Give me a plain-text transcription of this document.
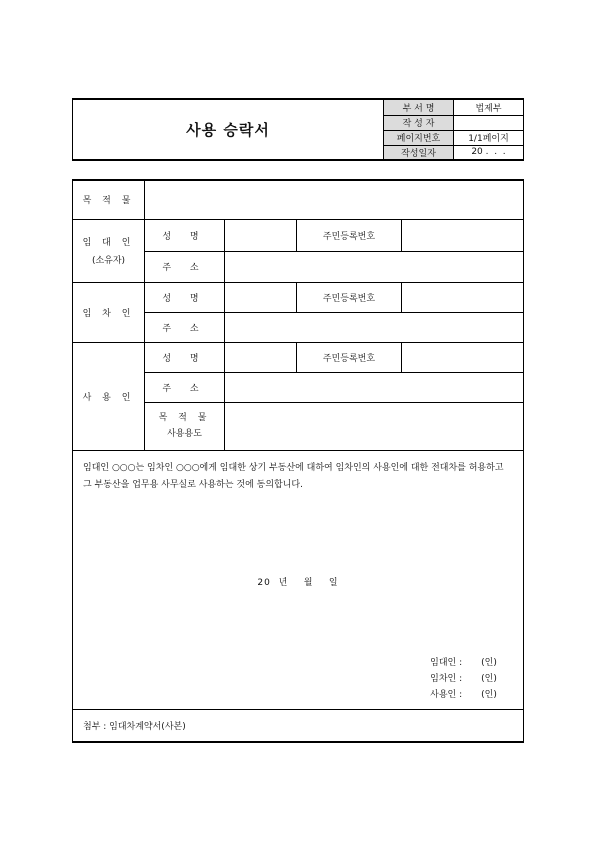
사용 승락서	부 서 명	법제부
	작 성 자	
	페이지번호	1/1페이지
	작성일자	20 .  .  .
목 적 물				

임 대 인
(소유자)	성 명		주민등록번호	
	주 소			
임 차 인	성 명		주민등록번호	
	주 소			
사 용 인	성 명		주민등록번호	
	주 소			

	목 적 물
사용용도			

임대인 ○○○는 임차인 ○○○에게 임대한 상기 부동산에 대하여 임차인의 사용인에 대한 전대차를 허용하고 그 부동산을 업무용 사무실로 사용하는 것에 동의합니다.
20  년    월    일
임대인 : (인)
임차인 : (인)
사용인 : (인)				

첨부 : 임대차계약서(사본)				
